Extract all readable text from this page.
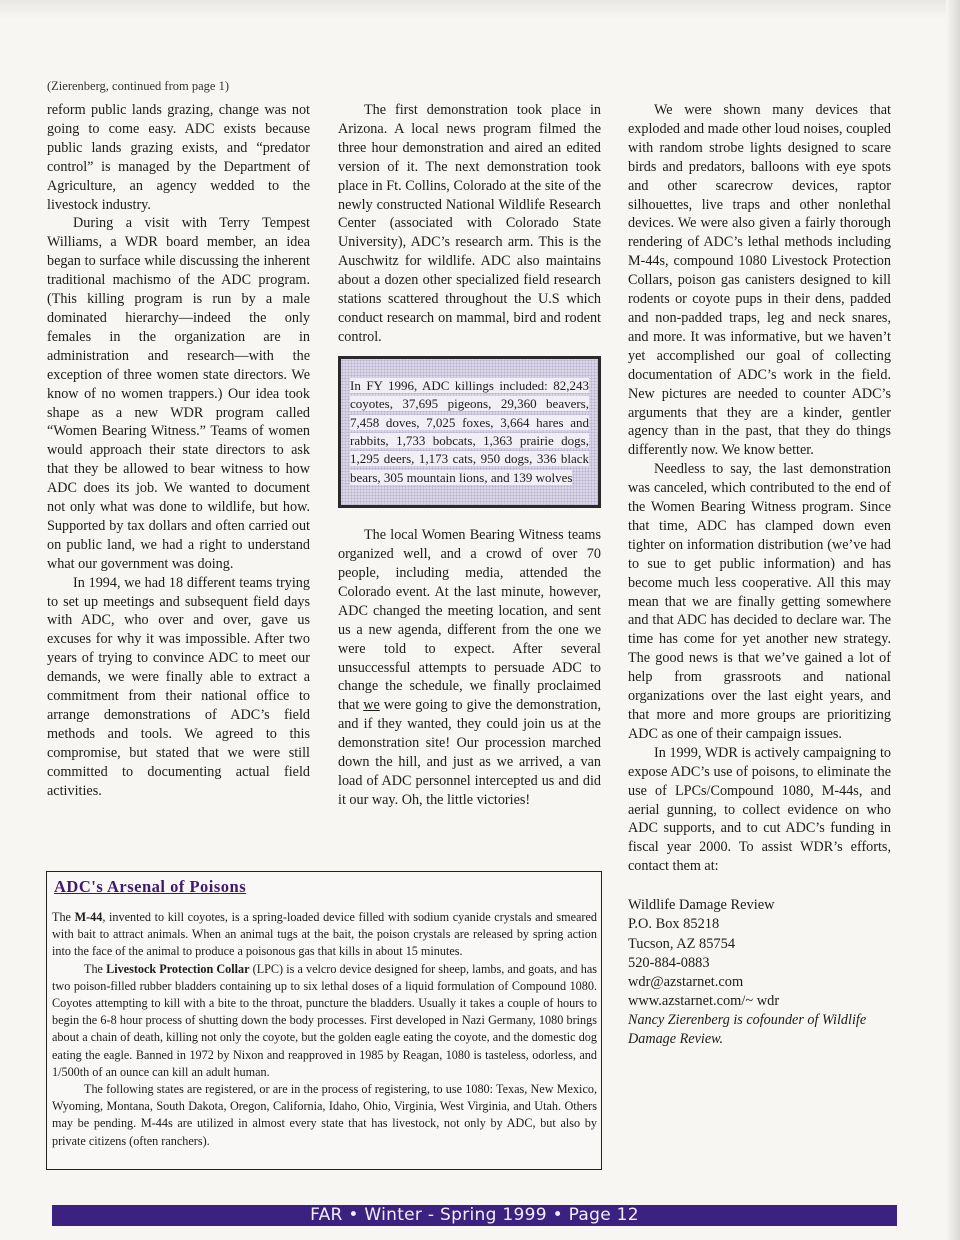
(Zierenberg, continued from page 1)

reform public lands grazing, change was not going to come easy. ADC exists because public lands grazing exists, and “predator control” is managed by the Department of Agriculture, an agency wedded to the livestock industry.

During a visit with Terry Tempest Williams, a WDR board member, an idea began to surface while discussing the inherent traditional machismo of the ADC program. (This killing program is run by a male dominated hierarchy—indeed the only females in the organization are in administration and research—with the exception of three women state directors. We know of no women trappers.) Our idea took shape as a new WDR program called “Women Bearing Witness.” Teams of women would approach their state directors to ask that they be allowed to bear witness to how ADC does its job. We wanted to document not only what was done to wildlife, but how. Supported by tax dollars and often carried out on public land, we had a right to understand what our government was doing.

In 1994, we had 18 different teams trying to set up meetings and subsequent field days with ADC, who over and over, gave us excuses for why it was impossible. After two years of trying to convince ADC to meet our demands, we were finally able to extract a commitment from their national office to arrange demonstrations of ADC’s field methods and tools. We agreed to this compromise, but stated that we were still committed to documenting actual field activities.

The first demonstration took place in Arizona. A local news program filmed the three hour demonstration and aired an edited version of it. The next demonstration took place in Ft. Collins, Colorado at the site of the newly constructed National Wildlife Research Center (associated with Colorado State University), ADC’s research arm. This is the Auschwitz for wildlife. ADC also maintains about a dozen other specialized field research stations scattered throughout the U.S which conduct research on mammal, bird and rodent control.

In FY 1996, ADC killings included: 82,243 coyotes, 37,695 pigeons, 29,360 beavers, 7,458 doves, 7,025 foxes, 3,664 hares and rabbits, 1,733 bobcats, 1,363 prairie dogs, 1,295 deers, 1,173 cats, 950 dogs, 336 black bears, 305 mountain lions, and 139 wolves

The local Women Bearing Witness teams organized well, and a crowd of over 70 people, including media, attended the Colorado event. At the last minute, however, ADC changed the meeting location, and sent us a new agenda, different from the one we were told to expect. After several unsuccessful attempts to persuade ADC to change the schedule, we finally proclaimed that we were going to give the demonstration, and if they wanted, they could join us at the demonstration site! Our procession marched down the hill, and just as we arrived, a van load of ADC personnel intercepted us and did it our way. Oh, the little victories!

We were shown many devices that exploded and made other loud noises, coupled with random strobe lights designed to scare birds and predators, balloons with eye spots and other scarecrow devices, raptor silhouettes, live traps and other nonlethal devices. We were also given a fairly thorough rendering of ADC’s lethal methods including M-44s, compound 1080 Livestock Protection Collars, poison gas canisters designed to kill rodents or coyote pups in their dens, padded and non-padded traps, leg and neck snares, and more. It was informative, but we haven’t yet accomplished our goal of collecting documentation of ADC’s work in the field. New pictures are needed to counter ADC’s arguments that they are a kinder, gentler agency than in the past, that they do things differently now. We know better.

Needless to say, the last demonstration was canceled, which contributed to the end of the Women Bearing Witness program. Since that time, ADC has clamped down even tighter on information distribution (we’ve had to sue to get public information) and has become much less cooperative. All this may mean that we are finally getting somewhere and that ADC has decided to declare war. The time has come for yet another new strategy. The good news is that we’ve gained a lot of help from grassroots and national organizations over the last eight years, and that more and more groups are prioritizing ADC as one of their campaign issues.

In 1999, WDR is actively campaigning to expose ADC’s use of poisons, to eliminate the use of LPCs/Compound 1080, M-44s, and aerial gunning, to collect evidence on who ADC supports, and to cut ADC’s funding in fiscal year 2000. To assist WDR’s efforts, contact them at:

Wildlife Damage Review
P.O. Box 85218
Tucson, AZ 85754
520-884-0883
wdr@azstarnet.com
www.azstarnet.com/~ wdr

Nancy Zierenberg is cofounder of Wildlife Damage Review.

ADC's Arsenal of Poisons

The M-44, invented to kill coyotes, is a spring-loaded device filled with sodium cyanide crystals and smeared with bait to attract animals. When an animal tugs at the bait, the poison crystals are released by spring action into the face of the animal to produce a poisonous gas that kills in about 15 minutes.

The Livestock Protection Collar (LPC) is a velcro device designed for sheep, lambs, and goats, and has two poison-filled rubber bladders containing up to six lethal doses of a liquid formulation of Compound 1080. Coyotes attempting to kill with a bite to the throat, puncture the bladders. Usually it takes a couple of hours to begin the 6-8 hour process of shutting down the body processes. First developed in Nazi Germany, 1080 brings about a chain of death, killing not only the coyote, but the golden eagle eating the coyote, and the domestic dog eating the eagle. Banned in 1972 by Nixon and reapproved in 1985 by Reagan, 1080 is tasteless, odorless, and 1/500th of an ounce can kill an adult human.

The following states are registered, or are in the process of registering, to use 1080: Texas, New Mexico, Wyoming, Montana, South Dakota, Oregon, California, Idaho, Ohio, Virginia, West Virginia, and Utah. Others may be pending. M-44s are utilized in almost every state that has livestock, not only by ADC, but also by private citizens (often ranchers).

FAR • Winter - Spring 1999 • Page 12
